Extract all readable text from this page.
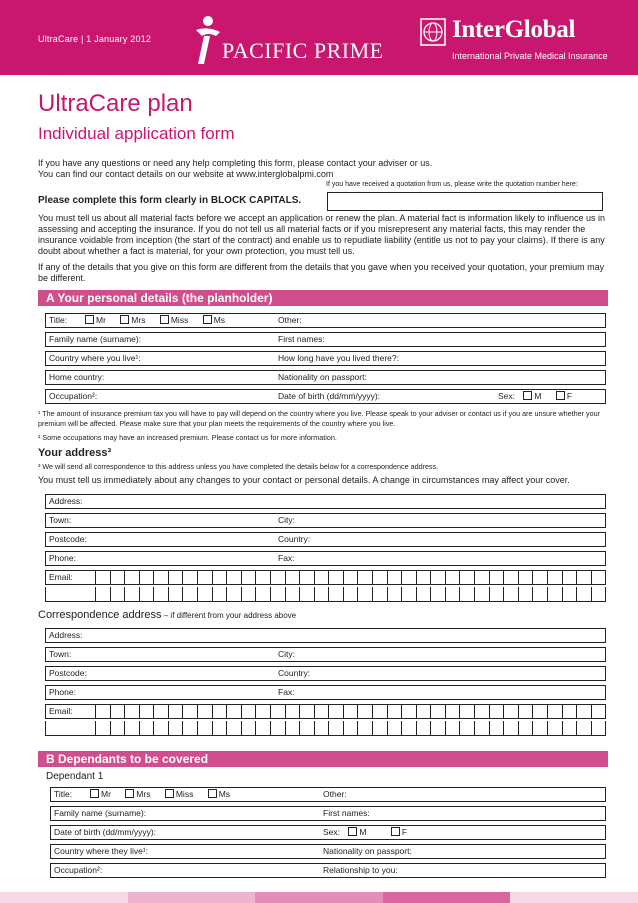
UltraCare | 1 January 2012	PACIFIC PRIME
InterGlobal
International Private Medical Insurance
UltraCare plan
Individual application form
If you have any questions or need any help completing this form, please contact your adviser or us.
You can find our contact details on our website at www.interglobalpmi.com
If you have received a quotation from us, please write the quotation number here:
Please complete this form clearly in BLOCK CAPITALS.
You must tell us about all material facts before we accept an application or renew the plan. A material fact is information likely to influence us in assessing and accepting the insurance. If you do not tell us all material facts or if you misrepresent any material facts, this may render the insurance voidable from inception (the start of the contract) and enable us to repudiate liability (entitle us not to pay your claims). If there is any doubt about whether a fact is material, for your own protection, you must tell us.
If any of the details that you give on this form are different from the details that you gave when you received your quotation, your premium may be different.
A Your personal details (the planholder)
Title:	Mr	Mrs	Miss	Ms	Other:
Family name (surname):	First names:
Country where you live¹:	How long have you lived there?:
Home country:	Nationality on passport:
Occupation²:	Date of birth (dd/mm/yyyy):	Sex: M	F
¹ The amount of insurance premium tax you will have to pay will depend on the country where you live. Please speak to your adviser or contact us if you are unsure whether your premium will be affected. Please make sure that your plan meets the requirements of the country where you live.
² Some occupations may have an increased premium. Please contact us for more information.
Your address³
³ We will send all correspondence to this address unless you have completed the details below for a correspondence address.
You must tell us immediately about any changes to your contact or personal details. A change in circumstances may affect your cover.
Address:
Town:	City:
Postcode:	Country:
Phone:	Fax:
Email:
Correspondence address – if different from your address above
Address:
Town:	City:
Postcode:	Country:
Phone:	Fax:
Email:
B Dependants to be covered
Dependant 1
Title:	Mr	Mrs	Miss	Ms	Other:
Family name (surname):	First names:
Date of birth (dd/mm/yyyy):	Sex: M	F
Country where they live¹:	Nationality on passport:
Occupation²:	Relationship to you:
